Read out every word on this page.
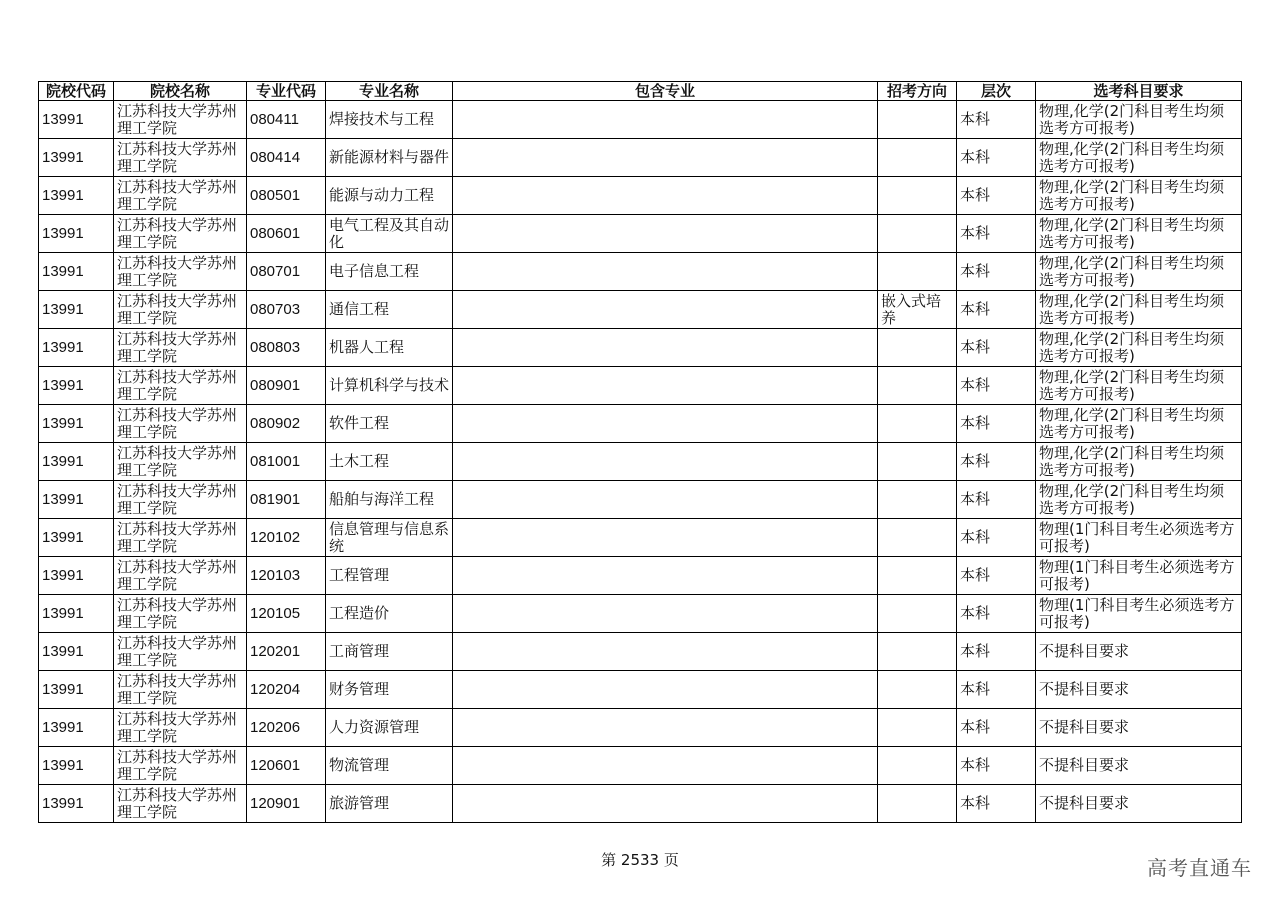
院校代码	院校名称	专业代码	专业名称	包含专业	招考方向	层次	选考科目要求
13991	江苏科技大学苏州理工学院	080411	焊接技术与工程			本科	物理,化学(2门科目考生均须选考方可报考)
13991	江苏科技大学苏州理工学院	080414	新能源材料与器件			本科	物理,化学(2门科目考生均须选考方可报考)
13991	江苏科技大学苏州理工学院	080501	能源与动力工程			本科	物理,化学(2门科目考生均须选考方可报考)
13991	江苏科技大学苏州理工学院	080601	电气工程及其自动化			本科	物理,化学(2门科目考生均须选考方可报考)
13991	江苏科技大学苏州理工学院	080701	电子信息工程			本科	物理,化学(2门科目考生均须选考方可报考)
13991	江苏科技大学苏州理工学院	080703	通信工程		嵌入式培养	本科	物理,化学(2门科目考生均须选考方可报考)
13991	江苏科技大学苏州理工学院	080803	机器人工程			本科	物理,化学(2门科目考生均须选考方可报考)
13991	江苏科技大学苏州理工学院	080901	计算机科学与技术			本科	物理,化学(2门科目考生均须选考方可报考)
13991	江苏科技大学苏州理工学院	080902	软件工程			本科	物理,化学(2门科目考生均须选考方可报考)
13991	江苏科技大学苏州理工学院	081001	土木工程			本科	物理,化学(2门科目考生均须选考方可报考)
13991	江苏科技大学苏州理工学院	081901	船舶与海洋工程			本科	物理,化学(2门科目考生均须选考方可报考)
13991	江苏科技大学苏州理工学院	120102	信息管理与信息系统			本科	物理(1门科目考生必须选考方可报考)
13991	江苏科技大学苏州理工学院	120103	工程管理			本科	物理(1门科目考生必须选考方可报考)
13991	江苏科技大学苏州理工学院	120105	工程造价			本科	物理(1门科目考生必须选考方可报考)
13991	江苏科技大学苏州理工学院	120201	工商管理			本科	不提科目要求
13991	江苏科技大学苏州理工学院	120204	财务管理			本科	不提科目要求
13991	江苏科技大学苏州理工学院	120206	人力资源管理			本科	不提科目要求
13991	江苏科技大学苏州理工学院	120601	物流管理			本科	不提科目要求
13991	江苏科技大学苏州理工学院	120901	旅游管理			本科	不提科目要求
第 2533 页	高考直通车
